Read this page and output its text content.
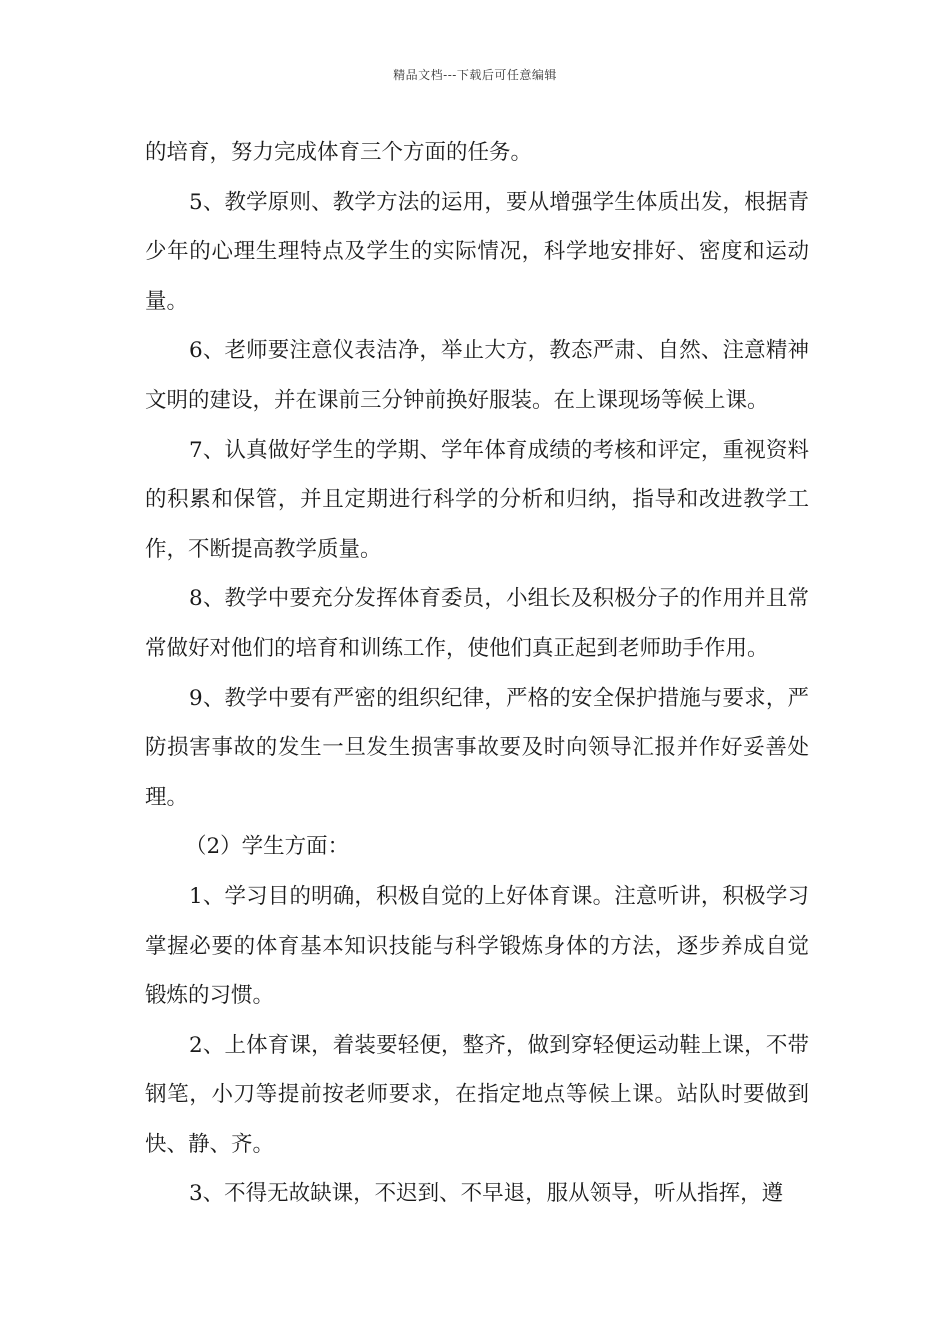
精品文档---下载后可任意编辑

的培育，努力完成体育三个方面的任务。

5、教学原则、教学方法的运用，要从增强学生体质出发，根据青少年的心理生理特点及学生的实际情况，科学地安排好、密度和运动量。

6、老师要注意仪表洁净，举止大方，教态严肃、自然、注意精神文明的建设，并在课前三分钟前换好服装。在上课现场等候上课。

7、认真做好学生的学期、学年体育成绩的考核和评定，重视资料的积累和保管，并且定期进行科学的分析和归纳，指导和改进教学工作，不断提高教学质量。

8、教学中要充分发挥体育委员，小组长及积极分子的作用并且常常做好对他们的培育和训练工作，使他们真正起到老师助手作用。

9、教学中要有严密的组织纪律，严格的安全保护措施与要求，严防损害事故的发生一旦发生损害事故要及时向领导汇报并作好妥善处理。

（2）学生方面：

1、学习目的明确，积极自觉的上好体育课。注意听讲，积极学习掌握必要的体育基本知识技能与科学锻炼身体的方法，逐步养成自觉锻炼的习惯。

2、上体育课，着装要轻便，整齐，做到穿轻便运动鞋上课，不带钢笔，小刀等提前按老师要求，在指定地点等候上课。站队时要做到快、静、齐。

3、不得无故缺课，不迟到、不早退，服从领导，听从指挥，遵
